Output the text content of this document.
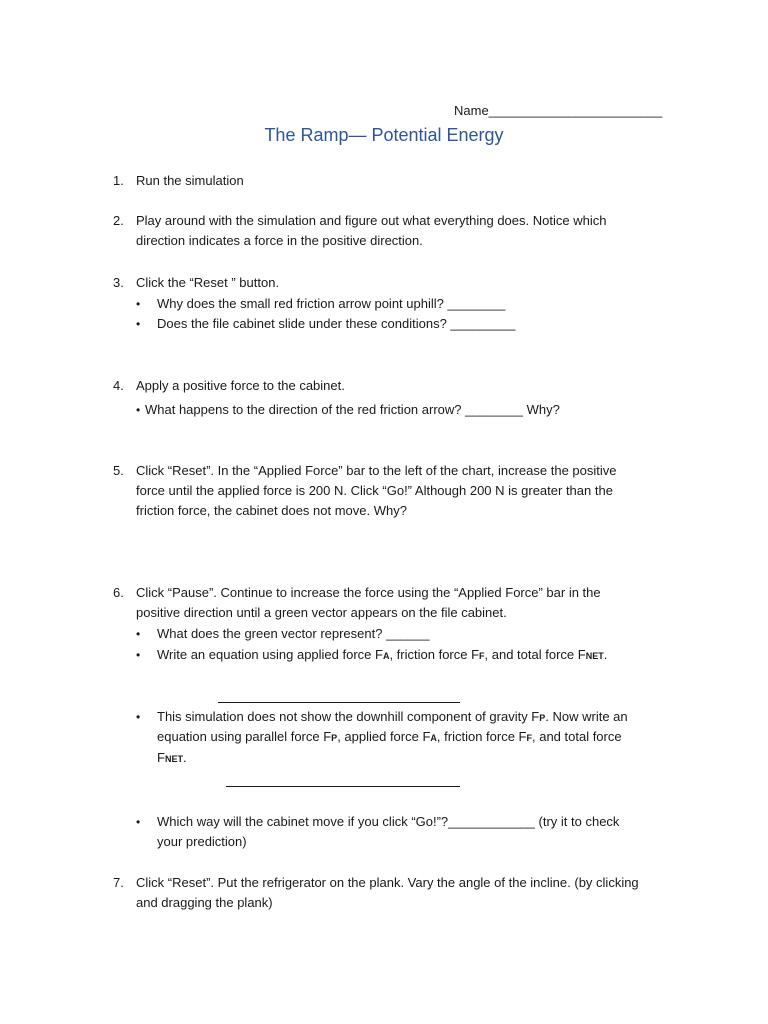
Name________________________
The Ramp— Potential Energy
1. Run the simulation
2. Play around with the simulation and figure out what everything does. Notice which
direction indicates a force in the positive direction.
3. Click the “Reset ” button.
• Why does the small red friction arrow point uphill? ________
• Does the file cabinet slide under these conditions? _________
4. Apply a positive force to the cabinet.
• What happens to the direction of the red friction arrow? ________ Why?
5. Click “Reset”. In the “Applied Force” bar to the left of the chart, increase the positive
force until the applied force is 200 N. Click “Go!” Although 200 N is greater than the
friction force, the cabinet does not move. Why?
6. Click “Pause”. Continue to increase the force using the “Applied Force” bar in the
positive direction until a green vector appears on the file cabinet.
• What does the green vector represent? ______
• Write an equation using applied force FA, friction force FF, and total force FNET.
• This simulation does not show the downhill component of gravity FP. Now write an
equation using parallel force FP, applied force FA, friction force FF, and total force
FNET.
• Which way will the cabinet move if you click “Go!”?____________ (try it to check
your prediction)
7. Click “Reset”. Put the refrigerator on the plank. Vary the angle of the incline. (by clicking
and dragging the plank)
